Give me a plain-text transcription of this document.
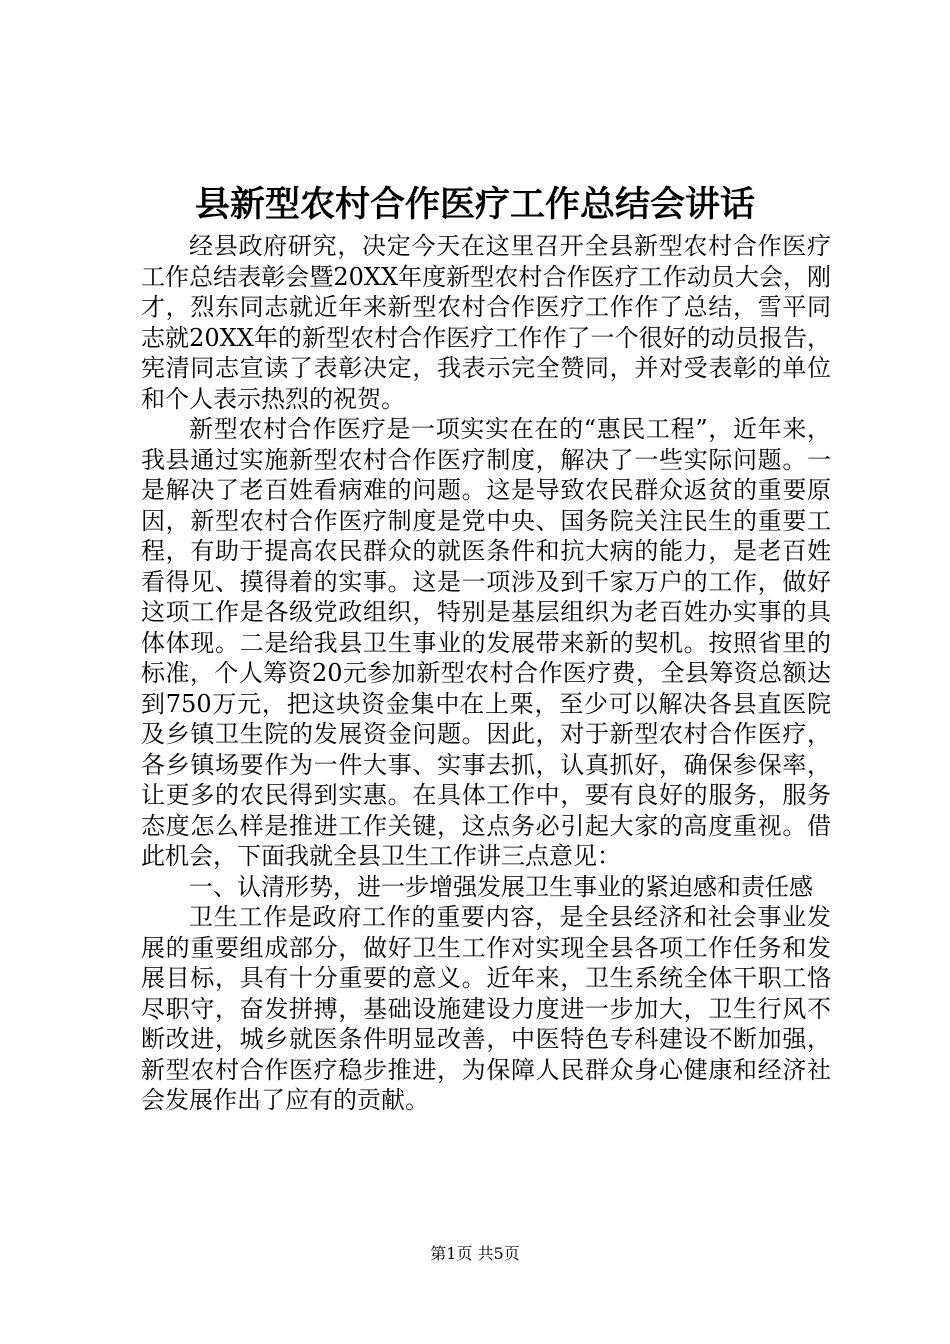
县新型农村合作医疗工作总结会讲话

经县政府研究，决定今天在这里召开全县新型农村合作医疗工作总结表彰会暨20XX年度新型农村合作医疗工作动员大会，刚才，烈东同志就近年来新型农村合作医疗工作作了总结，雪平同志就20XX年的新型农村合作医疗工作作了一个很好的动员报告，宪清同志宣读了表彰决定，我表示完全赞同，并对受表彰的单位和个人表示热烈的祝贺。

新型农村合作医疗是一项实实在在的“惠民工程”，近年来，我县通过实施新型农村合作医疗制度，解决了一些实际问题。一是解决了老百姓看病难的问题。这是导致农民群众返贫的重要原因，新型农村合作医疗制度是党中央、国务院关注民生的重要工程，有助于提高农民群众的就医条件和抗大病的能力，是老百姓看得见、摸得着的实事。这是一项涉及到千家万户的工作，做好这项工作是各级党政组织，特别是基层组织为老百姓办实事的具体体现。二是给我县卫生事业的发展带来新的契机。按照省里的标准，个人筹资20元参加新型农村合作医疗费，全县筹资总额达到750万元，把这块资金集中在上栗，至少可以解决各县直医院及乡镇卫生院的发展资金问题。因此，对于新型农村合作医疗，各乡镇场要作为一件大事、实事去抓，认真抓好，确保参保率，让更多的农民得到实惠。在具体工作中，要有良好的服务，服务态度怎么样是推进工作关键，这点务必引起大家的高度重视。借此机会，下面我就全县卫生工作讲三点意见：

一、认清形势，进一步增强发展卫生事业的紧迫感和责任感

卫生工作是政府工作的重要内容，是全县经济和社会事业发展的重要组成部分，做好卫生工作对实现全县各项工作任务和发展目标，具有十分重要的意义。近年来，卫生系统全体干职工恪尽职守，奋发拼搏，基础设施建设力度进一步加大，卫生行风不断改进，城乡就医条件明显改善，中医特色专科建设不断加强，新型农村合作医疗稳步推进，为保障人民群众身心健康和经济社会发展作出了应有的贡献。

第1页 共5页
